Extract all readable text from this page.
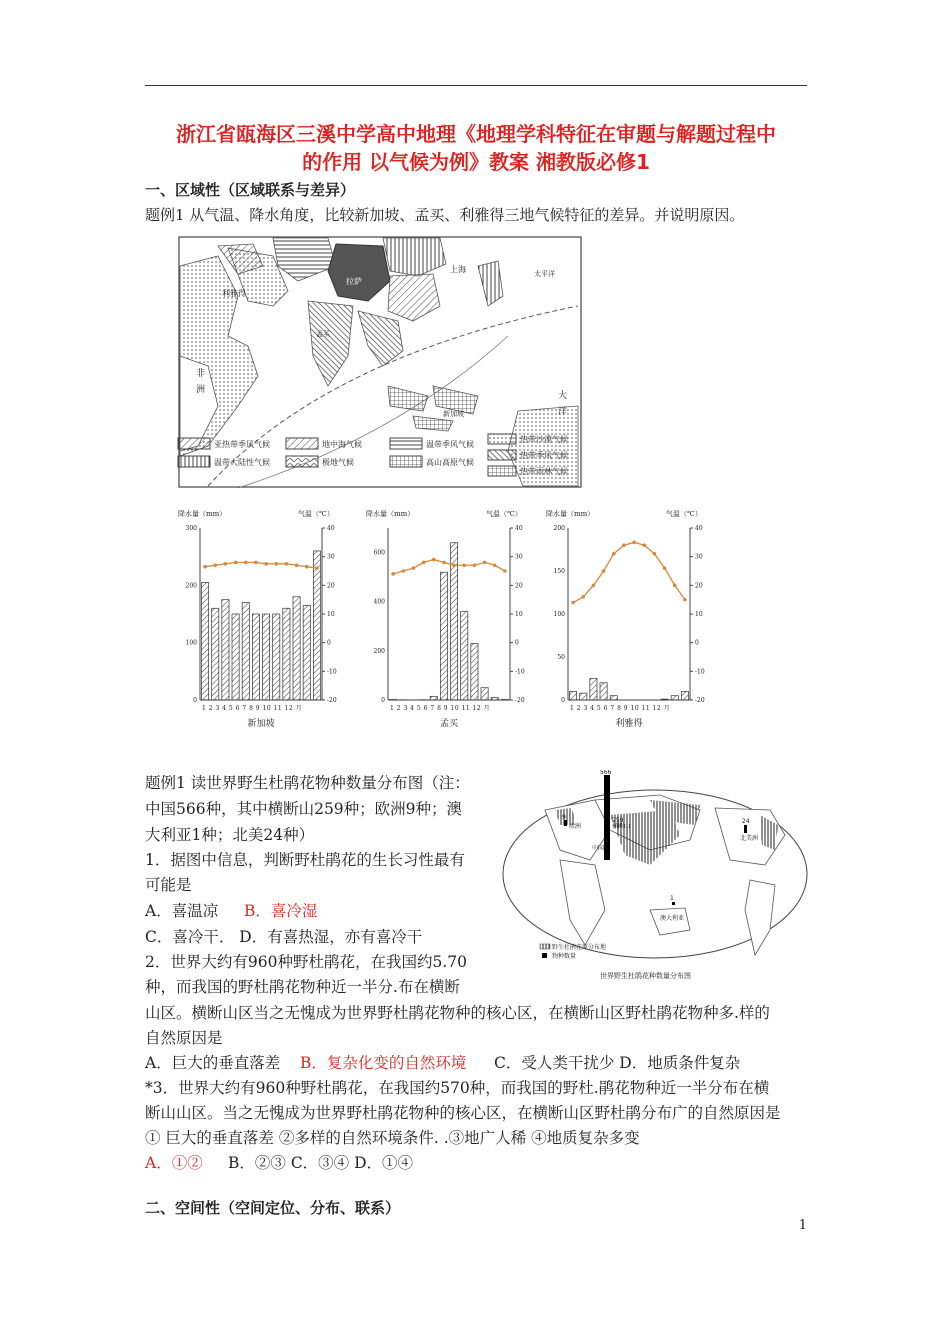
浙江省瓯海区三溪中学高中地理《地理学科特征在审题与解题过程中
的作用 以气候为例》教案 湘教版必修1
一、区域性（区域联系与差异）
题例1 从气温、降水角度，比较新加坡、孟买、利雅得三地气候特征的差异。并说明原因。
利雅得
拉萨
上海	太平洋
非
洲
孟买
新加坡
大
洋
亚热带季风气候	地中海气候	温带季风气候
热带沙漠气候
温带大陆性气候	极地气候	高山高原气候
热带季风气候
热带雨林气候
降水量（mm）	气温（℃）
300
200
100
0
40
30
20
10
0
-10
-20
1 2 3 4 5 6 7 8 9 10 11 12 月
新加坡
降水量（mm）	气温（℃）
600
400
200
0
40
30
20
10
0
-10
-20
1 2 3 4 5 6 7 8 9 10 11 12 月
孟买
降水量（mm）	气温（℃）
200
150
100
50
0
40
30
20
10
0
-10
-20
1 2 3 4 5 6 7 8 9 10 11 12 月
利雅得
题例1 读世界野生杜鹃花物种数量分布图（注：
中国566种，其中横断山259种；欧洲9种；澳
大利亚1种；北美24种）
1．据图中信息，判断野杜鹃花的生长习性最有
可能是
A．喜温凉 B．喜冷湿
C．喜冷干． D．有喜热湿，亦有喜冷干
2．世界大约有960种野杜鹃花，在我国约5.70
种，而我国的野杜鹃花物种近一半分.布在横断
山区。横断山区当之无愧成为世界野杜鹃花物种的核心区，在横断山区野杜鹃花物种多.样的
自然原因是
A．巨大的垂直落差 B．复杂化变的自然环境 C．受人类干扰少 D．地质条件复杂
*3．世界大约有960种野杜鹃花，在我国约570种，而我国的野杜.鹃花物种近一半分布在横
断山山区。当之无愧成为世界野杜鹃花物种的核心区，在横断山区野杜鹃分布广的自然原因是
① 巨大的垂直落差 ②多样的自然环境条件. .③地广人稀 ④地质复杂多变
A．①② B．②③ C．③④ D．①④
566
259
横断山
中国
9
欧洲
24
北美洲
1
澳大利亚
野生杜鹃花原分布地
物种数量
世界野生杜鹃花种数量分布图
二、空间性（空间定位、分布、联系）
1
